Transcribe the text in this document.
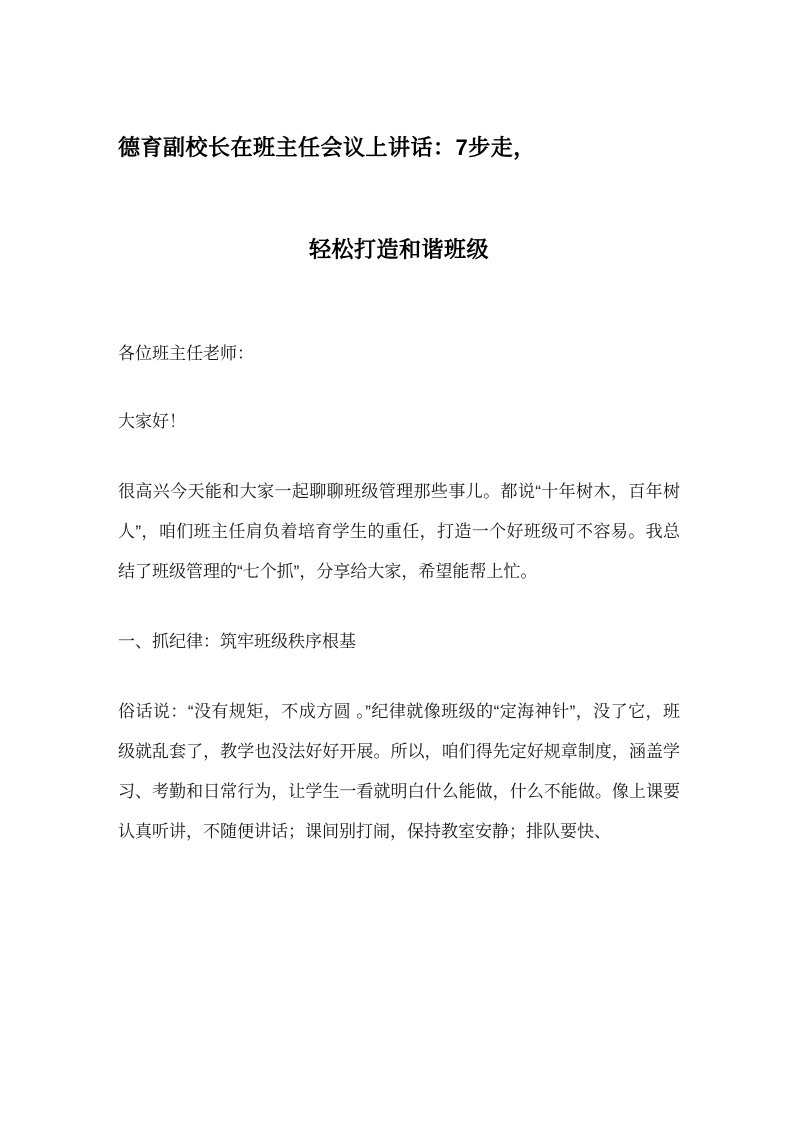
德育副校长在班主任会议上讲话：7步走，
轻松打造和谐班级

各位班主任老师：

大家好！

很高兴今天能和大家一起聊聊班级管理那些事儿。都说“十年树木，百年树人”，咱们班主任肩负着培育学生的重任，打造一个好班级可不容易。我总结了班级管理的“七个抓”，分享给大家，希望能帮上忙。

一、抓纪律：筑牢班级秩序根基

俗话说：“没有规矩，不成方圆 。”纪律就像班级的“定海神针”，没了它，班级就乱套了，教学也没法好好开展。所以，咱们得先定好规章制度，涵盖学习、考勤和日常行为，让学生一看就明白什么能做，什么不能做。像上课要认真听讲，不随便讲话；课间别打闹，保持教室安静；排队要快、
